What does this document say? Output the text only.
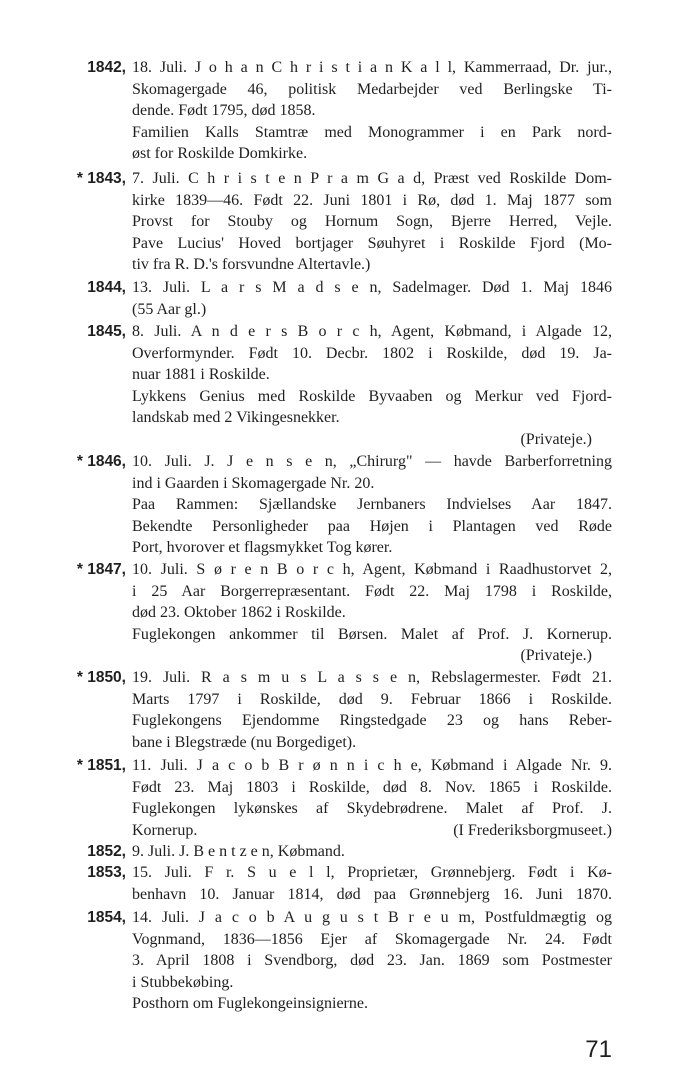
1842, 18. Juli. J o h a n C h r i s t i a n K a l l, Kammerraad, Dr. jur.,
Skomagergade 46, politisk Medarbejder ved Berlingske Ti-
dende. Født 1795, død 1858.
Familien Kalls Stamtræ med Monogrammer i en Park nord-
øst for Roskilde Domkirke.
* 1843, 7. Juli. C h r i s t e n P r a m G a d, Præst ved Roskilde Dom-
kirke 1839—46. Født 22. Juni 1801 i Rø, død 1. Maj 1877 som
Provst for Stouby og Hornum Sogn, Bjerre Herred, Vejle.
Pave Lucius' Hoved bortjager Søuhyret i Roskilde Fjord (Mo-
tiv fra R. D.'s forsvundne Altertavle.)
1844, 13. Juli. L a r s M a d s e n, Sadelmager. Død 1. Maj 1846
(55 Aar gl.)
1845, 8. Juli. A n d e r s B o r c h, Agent, Købmand, i Algade 12,
Overformynder. Født 10. Decbr. 1802 i Roskilde, død 19. Ja-
nuar 1881 i Roskilde.
Lykkens Genius med Roskilde Byvaaben og Merkur ved Fjord-
landskab med 2 Vikingesnekker.
(Privateje.)
* 1846, 10. Juli. J. J e n s e n, „Chirurg" — havde Barberforretning
ind i Gaarden i Skomagergade Nr. 20.
Paa Rammen: Sjællandske Jernbaners Indvielses Aar 1847.
Bekendte Personligheder paa Højen i Plantagen ved Røde
Port, hvorover et flagsmykket Tog kører.
* 1847, 10. Juli. S ø r e n B o r c h, Agent, Købmand i Raadhustorvet 2,
i 25 Aar Borgerrepræsentant. Født 22. Maj 1798 i Roskilde,
død 23. Oktober 1862 i Roskilde.
Fuglekongen ankommer til Børsen. Malet af Prof. J. Kornerup.
(Privateje.)
* 1850, 19. Juli. R a s m u s L a s s e n, Rebslagermester. Født 21.
Marts 1797 i Roskilde, død 9. Februar 1866 i Roskilde.
Fuglekongens Ejendomme Ringstedgade 23 og hans Reber-
bane i Blegstræde (nu Borgediget).
* 1851, 11. Juli. J a c o b B r ø n n i c h e, Købmand i Algade Nr. 9.
Født 23. Maj 1803 i Roskilde, død 8. Nov. 1865 i Roskilde.
Fuglekongen lykønskes af Skydebrødrene. Malet af Prof. J.
Kornerup.	(I Frederiksborgmuseet.)
1852, 9. Juli. J. B e n t z e n, Købmand.
1853, 15. Juli. F r. S u e l l, Proprietær, Grønnebjerg. Født i Kø-
benhavn 10. Januar 1814, død paa Grønnebjerg 16. Juni 1870.
1854, 14. Juli. J a c o b A u g u s t B r e u m, Postfuldmægtig og
Vognmand, 1836—1856 Ejer af Skomagergade Nr. 24. Født
3. April 1808 i Svendborg, død 23. Jan. 1869 som Postmester
i Stubbekøbing.
Posthorn om Fuglekongeinsignierne.
71
